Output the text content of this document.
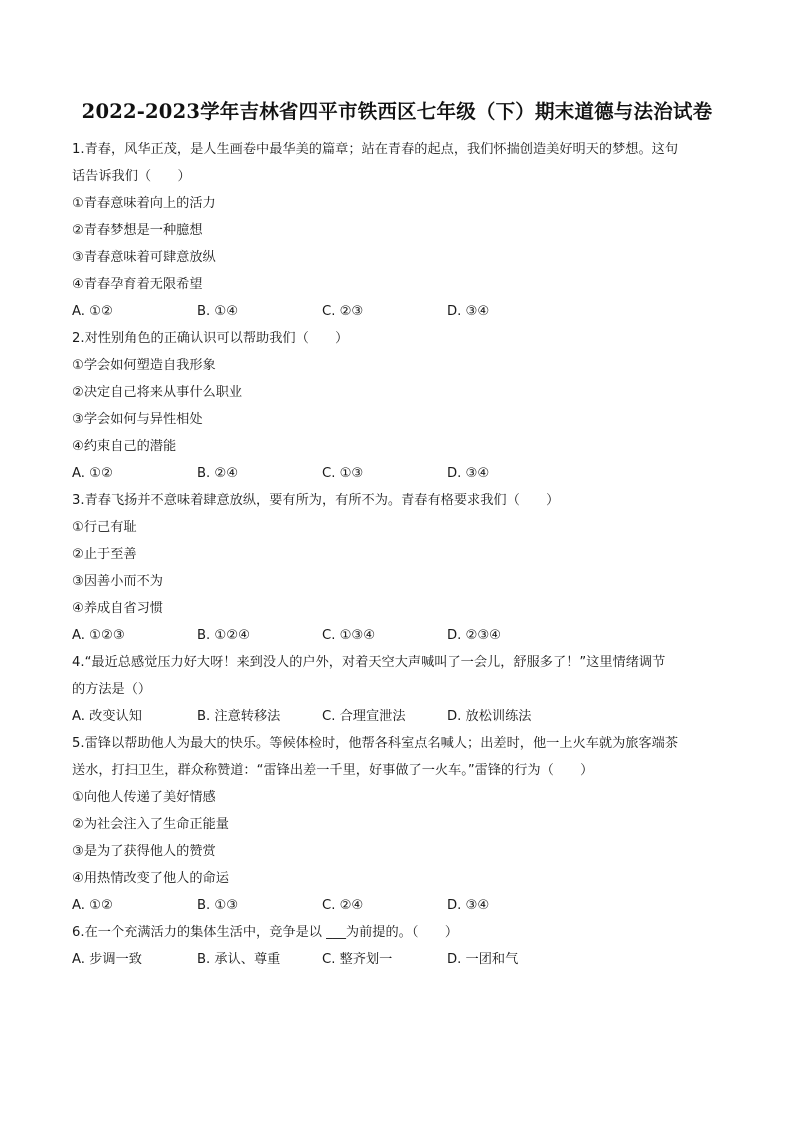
2022-2023学年吉林省四平市铁西区七年级（下）期末道德与法治试卷
1.青春，风华正茂，是人生画卷中最华美的篇章；站在青春的起点，我们怀揣创造美好明天的梦想。这句
话告诉我们（　　）
①青春意味着向上的活力
②青春梦想是一种臆想
③青春意味着可肆意放纵
④青春孕育着无限希望
A. ①②	B. ①④	C. ②③	D. ③④
2.对性别角色的正确认识可以帮助我们（　　）
①学会如何塑造自我形象
②决定自己将来从事什么职业
③学会如何与异性相处
④约束自己的潜能
A. ①②	B. ②④	C. ①③	D. ③④
3.青春飞扬并不意味着肆意放纵，要有所为，有所不为。青春有格要求我们（　　）
①行己有耻
②止于至善
③因善小而不为
④养成自省习惯
A. ①②③	B. ①②④	C. ①③④	D. ②③④
4.“最近总感觉压力好大呀！来到没人的户外，对着天空大声喊叫了一会儿，舒服多了！”这里情绪调节
的方法是（）
A. 改变认知	B. 注意转移法	C. 合理宣泄法	D. 放松训练法
5.雷锋以帮助他人为最大的快乐。等候体检时，他帮各科室点名喊人；出差时，他一上火车就为旅客端茶
送水，打扫卫生，群众称赞道：“雷锋出差一千里，好事做了一火车。”雷锋的行为（　　）
①向他人传递了美好情感
②为社会注入了生命正能量
③是为了获得他人的赞赏
④用热情改变了他人的命运
A. ①②	B. ①③	C. ②④	D. ③④
6.在一个充满活力的集体生活中，竞争是以 ___为前提的。（　　）
A. 步调一致	B. 承认、尊重	C. 整齐划一	D. 一团和气
